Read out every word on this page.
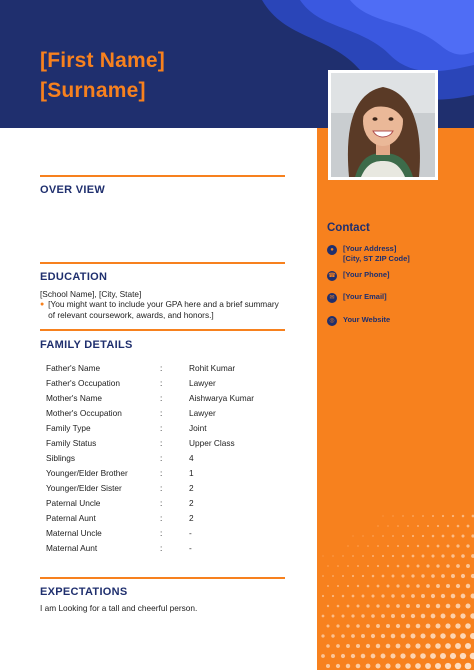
[First Name]
[Surname]
Contact
●	[Your Address]
[City, ST ZIP Code]
☎ [Your Phone]
✉	[Your Email]
◎	Your Website
OVER VIEW
EDUCATION
[School Name], [City, State]
● [You might want to include your GPA here and a brief summary of relevant coursework, awards, and honors.]
FAMILY DETAILS
Father's Name	:	Rohit Kumar
Father's Occupation	:	Lawyer
Mother's Name	:	Aishwarya Kumar
Mother's Occupation	:	Lawyer
Family Type	:	Joint
Family Status	:	Upper Class
Siblings	:	4
Younger/Elder Brother	:	1
Younger/Elder Sister	:	2
Paternal Uncle	:	2
Paternal Aunt	:	2
Maternal Uncle	:	-
Maternal Aunt	:	-
EXPECTATIONS
I am Looking for a tall and cheerful person.
